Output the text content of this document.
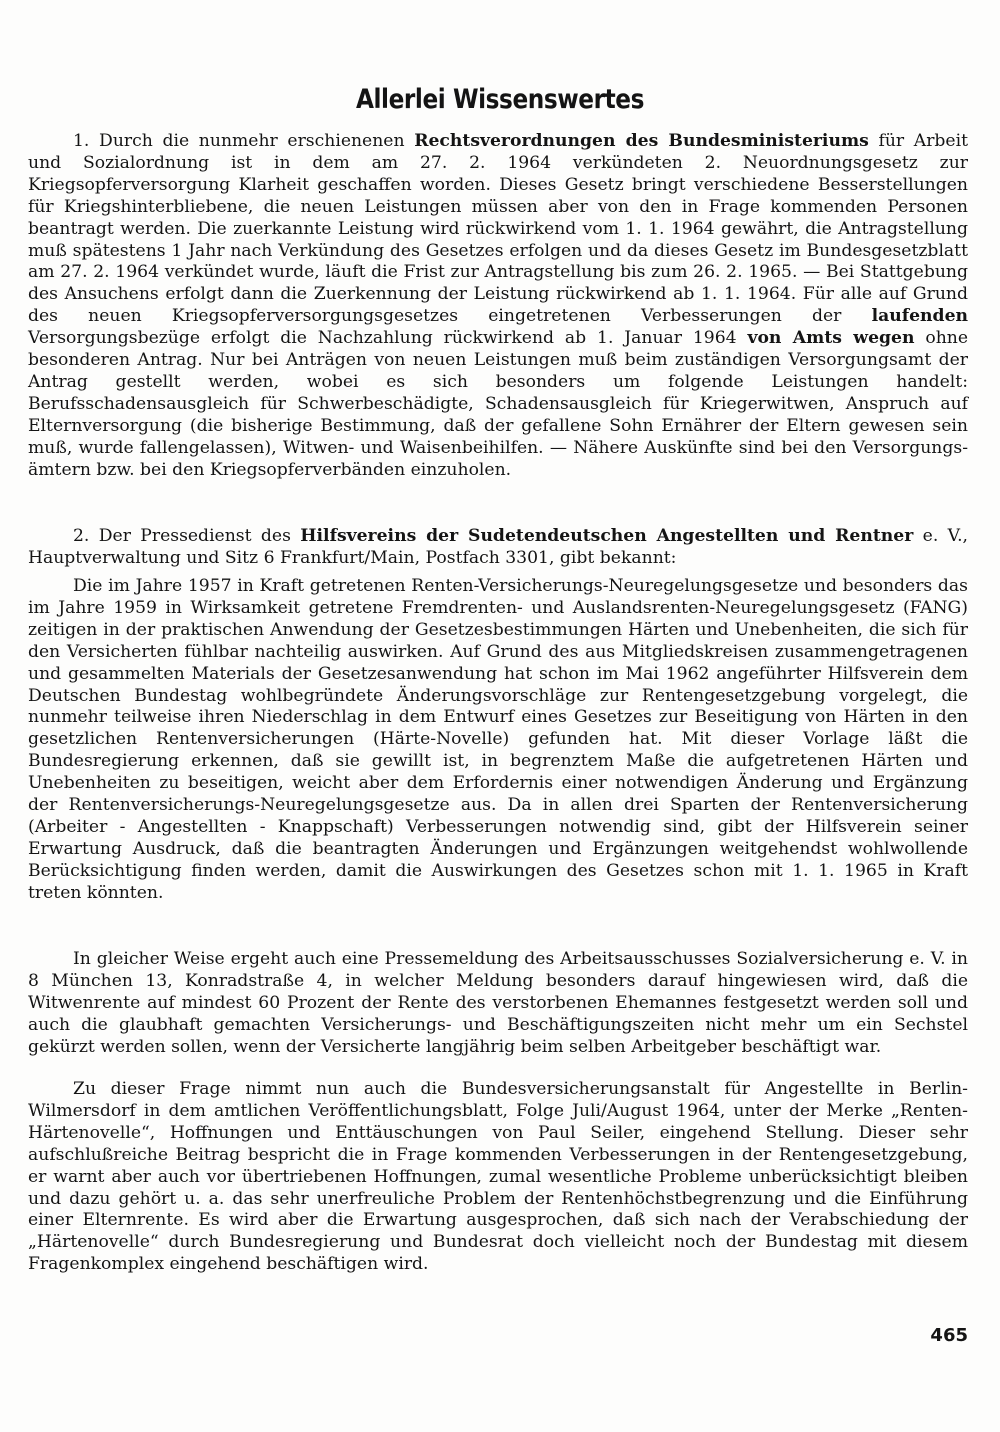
Allerlei Wissenswertes

1. Durch die nunmehr erschienenen Rechtsverordnungen des Bundesministeriums für Arbeit und Sozialordnung ist in dem am 27. 2. 1964 verkündeten 2. Neuordnungsgesetz zur Kriegsopferversorgung Klarheit geschaffen worden. Dieses Gesetz bringt verschiedene Besserstellungen für Kriegshinterbliebene, die neuen Leistungen müssen aber von den in Frage kommenden Personen beantragt werden. Die zuerkannte Leistung wird rückwirkend vom 1. 1. 1964 gewährt, die Antragstellung muß spätestens 1 Jahr nach Verkündung des Gesetzes erfolgen und da dieses Gesetz im Bundesgesetzblatt am 27. 2. 1964 verkündet wurde, läuft die Frist zur Antragstellung bis zum 26. 2. 1965. — Bei Stattgebung des Ansuchens erfolgt dann die Zuerkennung der Leistung rückwirkend ab 1. 1. 1964. Für alle auf Grund des neuen Kriegsopferversorgungsgesetzes eingetretenen Verbesserungen der laufenden Versorgungsbezüge erfolgt die Nachzahlung rückwirkend ab 1. Januar 1964 von Amts wegen ohne besonderen Antrag. Nur bei Anträgen von neuen Leistungen muß beim zuständigen Versorgungsamt der Antrag gestellt werden, wobei es sich besonders um folgende Leistungen handelt: Berufsschadensausgleich für Schwerbeschädigte, Schadensausgleich für Kriegerwitwen, Anspruch auf Elternversorgung (die bisherige Bestimmung, daß der gefallene Sohn Ernährer der Eltern gewesen sein muß, wurde fallengelassen), Witwen- und Waisenbeihilfen. — Nähere Auskünfte sind bei den Versorgungsämtern bzw. bei den Kriegsopferverbänden einzuholen.

2. Der Pressedienst des Hilfsvereins der Sudetendeutschen Angestellten und Rentner e. V., Hauptverwaltung und Sitz 6 Frankfurt/Main, Postfach 3301, gibt bekannt:

Die im Jahre 1957 in Kraft getretenen Renten-Versicherungs-Neuregelungsgesetze und besonders das im Jahre 1959 in Wirksamkeit getretene Fremdrenten- und Auslandsrenten-Neuregelungsgesetz (FANG) zeitigen in der praktischen Anwendung der Gesetzesbestimmungen Härten und Unebenheiten, die sich für den Versicherten fühlbar nachteilig auswirken. Auf Grund des aus Mitgliedskreisen zusammengetragenen und gesammelten Materials der Gesetzesanwendung hat schon im Mai 1962 angeführter Hilfsverein dem Deutschen Bundestag wohlbegründete Änderungsvorschläge zur Rentengesetzgebung vorgelegt, die nunmehr teilweise ihren Niederschlag in dem Entwurf eines Gesetzes zur Beseitigung von Härten in den gesetzlichen Rentenversicherungen (Härte-Novelle) gefunden hat. Mit dieser Vorlage läßt die Bundesregierung erkennen, daß sie gewillt ist, in begrenztem Maße die aufgetretenen Härten und Unebenheiten zu beseitigen, weicht aber dem Erfordernis einer notwendigen Änderung und Ergänzung der Rentenversicherungs-Neuregelungsgesetze aus. Da in allen drei Sparten der Rentenversicherung (Arbeiter - Angestellten - Knappschaft) Verbesserungen notwendig sind, gibt der Hilfsverein seiner Erwartung Ausdruck, daß die beantragten Änderungen und Ergänzungen weitgehendst wohlwollende Berücksichtigung finden werden, damit die Auswirkungen des Gesetzes schon mit 1. 1. 1965 in Kraft treten könnten.

In gleicher Weise ergeht auch eine Pressemeldung des Arbeitsausschusses Sozialversicherung e. V. in 8 München 13, Konradstraße 4, in welcher Meldung besonders darauf hingewiesen wird, daß die Witwenrente auf mindest 60 Prozent der Rente des verstorbenen Ehemannes festgesetzt werden soll und auch die glaubhaft gemachten Versicherungs- und Beschäftigungszeiten nicht mehr um ein Sechstel gekürzt werden sollen, wenn der Versicherte langjährig beim selben Arbeitgeber beschäftigt war.

Zu dieser Frage nimmt nun auch die Bundesversicherungsanstalt für Angestellte in Berlin-Wilmersdorf in dem amtlichen Veröffentlichungsblatt, Folge Juli/August 1964, unter der Merke „Renten-Härtenovelle“, Hoffnungen und Enttäuschungen von Paul Seiler, eingehend Stellung. Dieser sehr aufschlußreiche Beitrag bespricht die in Frage kommenden Verbesserungen in der Rentengesetzgebung, er warnt aber auch vor übertriebenen Hoffnungen, zumal wesentliche Probleme unberücksichtigt bleiben und dazu gehört u. a. das sehr unerfreuliche Problem der Rentenhöchstbegrenzung und die Einführung einer Elternrente. Es wird aber die Erwartung ausgesprochen, daß sich nach der Verabschiedung der „Härtenovelle“ durch Bundesregierung und Bundesrat doch vielleicht noch der Bundestag mit diesem Fragenkomplex eingehend beschäftigen wird.

465
